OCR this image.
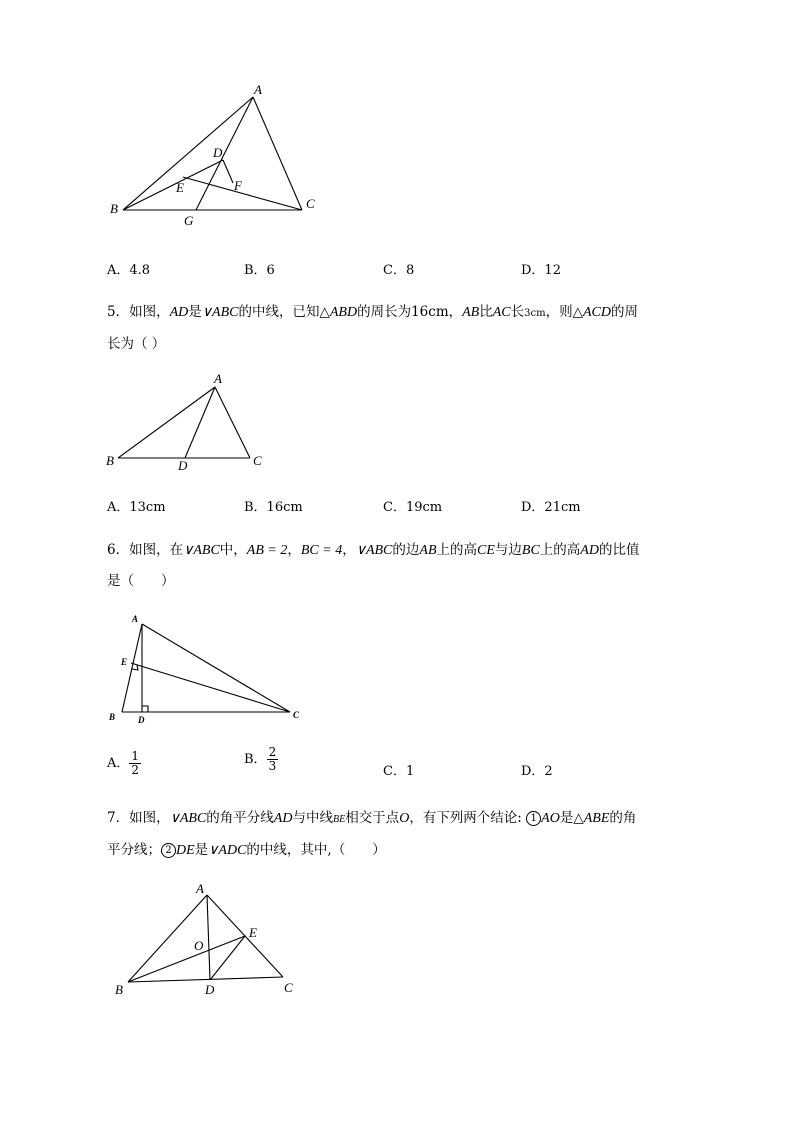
A
B	C
D
E	F
G
A．4.8	B．6	C．8	D．12
5．如图，AD是∨ABC的中线，已知△ABD的周长为16cm，AB比AC长3cm，则△ACD的周
长为（ ）
A
B	C
D
A．13cm	B．16cm	C．19cm	D．21cm
6．如图，在∨ABC中，AB = 2，BC = 4，∨ABC的边AB上的高CE与边BC上的高AD的比值
是（　　）
A
B	C
D
E
A． $\frac{1}{2}$	B． $\frac{2}{3}$	C．1	D．2
7．如图，∨ABC的角平分线AD与中线BE相交于点O，有下列两个结论: 1 AO是△ABE的角
平分线； 2 DE是∨ADC的中线，其中,（　　）
A
B	C
D
E
O
